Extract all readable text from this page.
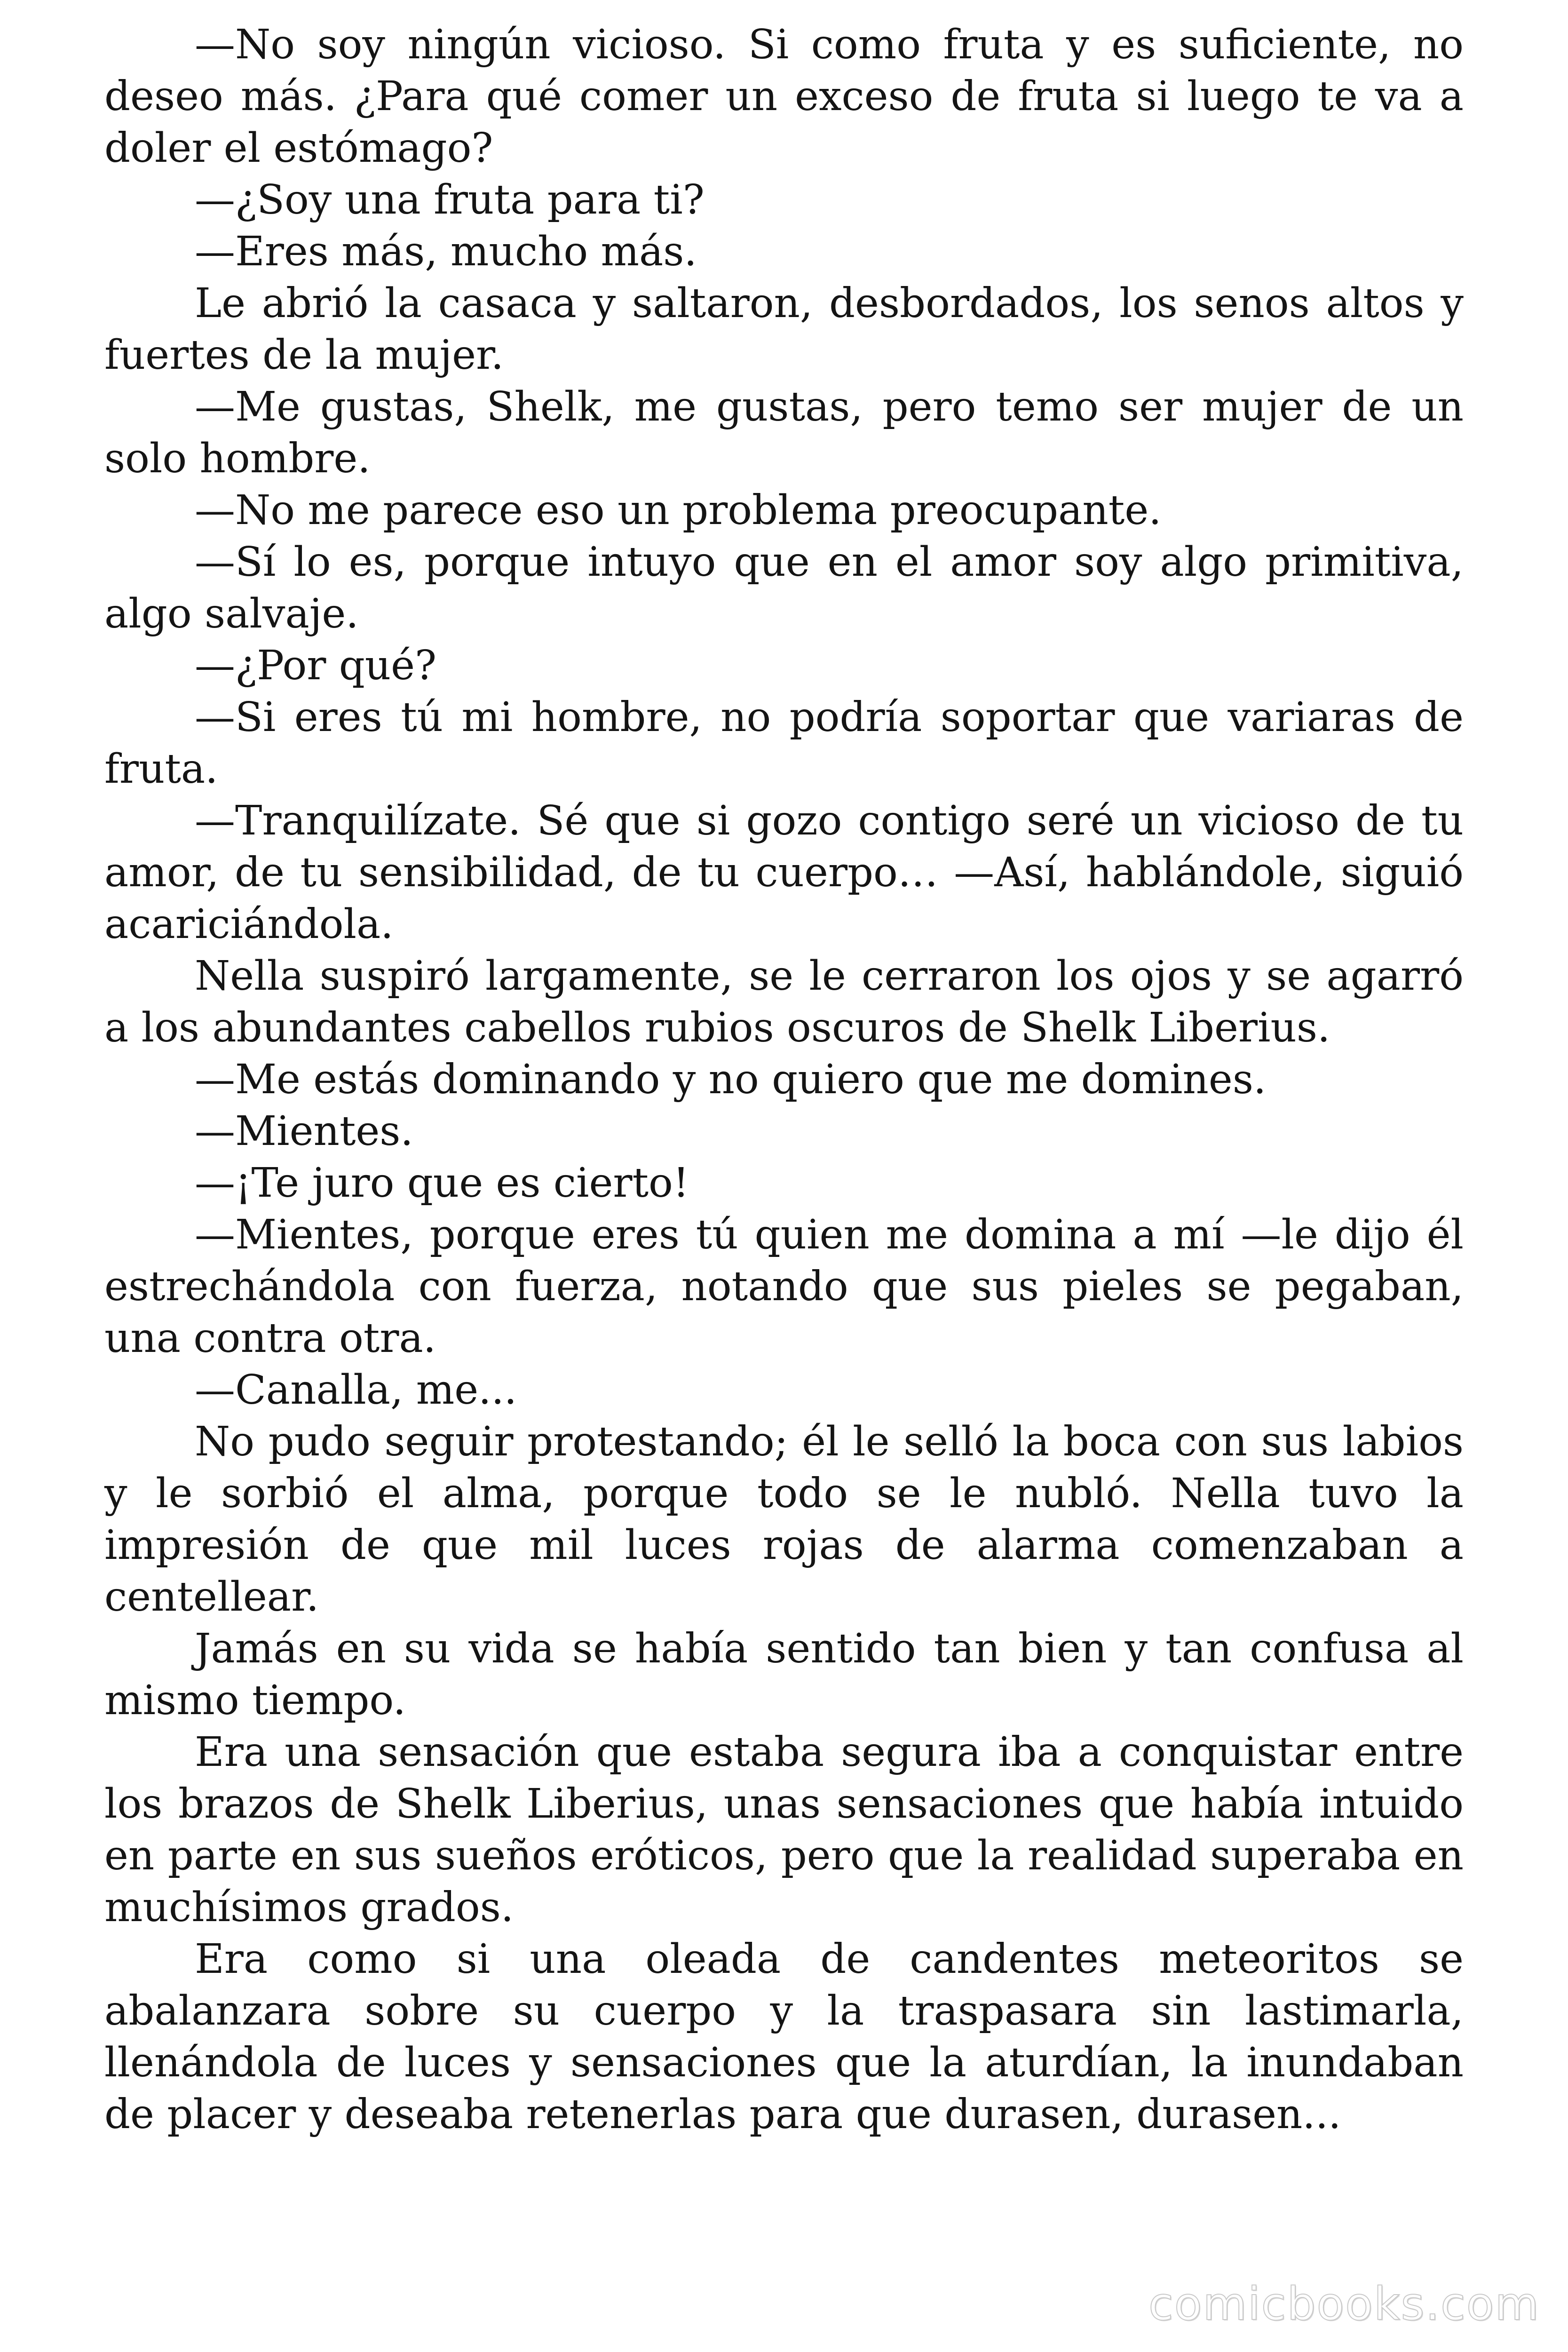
—No soy ningún vicioso. Si como fruta y es suficiente, no deseo más. ¿Para qué comer un exceso de fruta si luego te va a doler el estómago?

—¿Soy una fruta para ti?

—Eres más, mucho más.

Le abrió la casaca y saltaron, desbordados, los senos altos y fuertes de la mujer.

—Me gustas, Shelk, me gustas, pero temo ser mujer de un solo hombre.

—No me parece eso un problema preocupante.

—Sí lo es, porque intuyo que en el amor soy algo primitiva, algo salvaje.

—¿Por qué?

—Si eres tú mi hombre, no podría soportar que variaras de fruta.

—Tranquilízate. Sé que si gozo contigo seré un vicioso de tu amor, de tu sensibilidad, de tu cuerpo… —Así, hablándole, siguió acariciándola.

Nella suspiró largamente, se le cerraron los ojos y se agarró a los abundantes cabellos rubios oscuros de Shelk Liberius.

—Me estás dominando y no quiero que me domines.

—Mientes.

—¡Te juro que es cierto!

—Mientes, porque eres tú quien me domina a mí —le dijo él estrechándola con fuerza, notando que sus pieles se pegaban, una contra otra.

—Canalla, me...

No pudo seguir protestando; él le selló la boca con sus labios y le sorbió el alma, porque todo se le nubló. Nella tuvo la impresión de que mil luces rojas de alarma comenzaban a centellear.

Jamás en su vida se había sentido tan bien y tan confusa al mismo tiempo.

Era una sensación que estaba segura iba a conquistar entre los brazos de Shelk Liberius, unas sensaciones que había intuido en parte en sus sueños eróticos, pero que la realidad superaba en muchísimos grados.

Era como si una oleada de candentes meteoritos se abalanzara sobre su cuerpo y la traspasara sin lastimarla, llenándola de luces y sensaciones que la aturdían, la inundaban de placer y deseaba retenerlas para que durasen, durasen...

comicbooks.com
